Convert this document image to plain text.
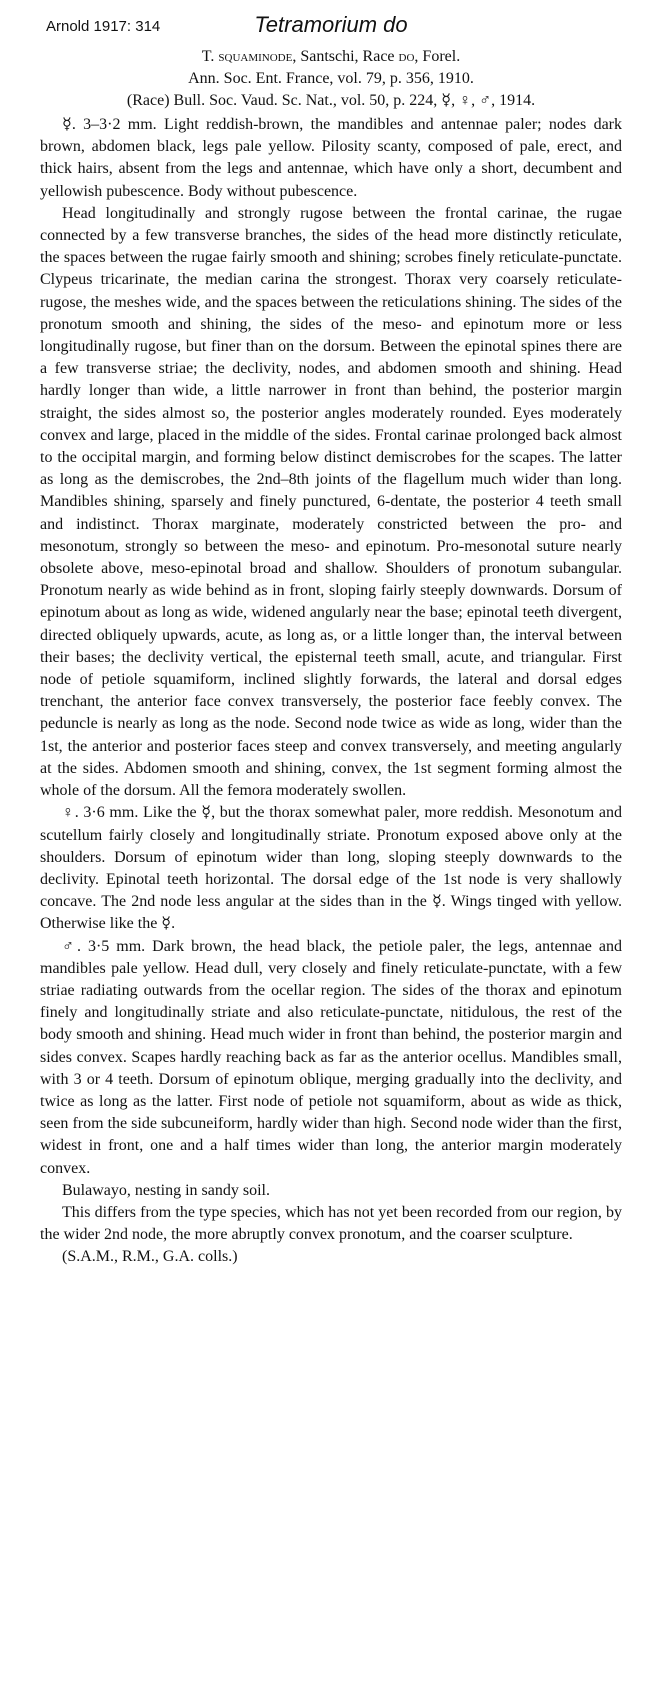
Arnold 1917: 314	Tetramorium do
T. squaminode, Santschi, Race do, Forel.
Ann. Soc. Ent. France, vol. 79, p. 356, 1910.
(Race) Bull. Soc. Vaud. Sc. Nat., vol. 50, p. 224, ☿, ♀, ♂, 1914.

☿. 3–3·2 mm. Light reddish-brown, the mandibles and antennae paler; nodes dark brown, abdomen black, legs pale yellow. Pilosity scanty, composed of pale, erect, and thick hairs, absent from the legs and antennae, which have only a short, decumbent and yellowish pubescence. Body without pubescence.

Head longitudinally and strongly rugose between the frontal carinae, the rugae connected by a few transverse branches, the sides of the head more distinctly reticulate, the spaces between the rugae fairly smooth and shining; scrobes finely reticulate-punctate. Clypeus tricarinate, the median carina the strongest. Thorax very coarsely reticulate-rugose, the meshes wide, and the spaces between the reticulations shining. The sides of the pronotum smooth and shining, the sides of the meso- and epinotum more or less longitudinally rugose, but finer than on the dorsum. Between the epinotal spines there are a few transverse striae; the declivity, nodes, and abdomen smooth and shining. Head hardly longer than wide, a little narrower in front than behind, the posterior margin straight, the sides almost so, the posterior angles moderately rounded. Eyes moderately convex and large, placed in the middle of the sides. Frontal carinae prolonged back almost to the occipital margin, and forming below distinct demiscrobes for the scapes. The latter as long as the demiscrobes, the 2nd–8th joints of the flagellum much wider than long. Mandibles shining, sparsely and finely punctured, 6-dentate, the posterior 4 teeth small and indistinct. Thorax marginate, moderately constricted between the pro- and mesonotum, strongly so between the meso- and epinotum. Pro-mesonotal suture nearly obsolete above, meso-epinotal broad and shallow. Shoulders of pronotum subangular. Pronotum nearly as wide behind as in front, sloping fairly steeply downwards. Dorsum of epinotum about as long as wide, widened angularly near the base; epinotal teeth divergent, directed obliquely upwards, acute, as long as, or a little longer than, the interval between their bases; the declivity vertical, the episternal teeth small, acute, and triangular. First node of petiole squamiform, inclined slightly forwards, the lateral and dorsal edges trenchant, the anterior face convex transversely, the posterior face feebly convex. The peduncle is nearly as long as the node. Second node twice as wide as long, wider than the 1st, the anterior and posterior faces steep and convex transversely, and meeting angularly at the sides. Abdomen smooth and shining, convex, the 1st segment forming almost the whole of the dorsum. All the femora moderately swollen.

♀. 3·6 mm. Like the ☿, but the thorax somewhat paler, more reddish. Mesonotum and scutellum fairly closely and longitudinally striate. Pronotum exposed above only at the shoulders. Dorsum of epinotum wider than long, sloping steeply downwards to the declivity. Epinotal teeth horizontal. The dorsal edge of the 1st node is very shallowly concave. The 2nd node less angular at the sides than in the ☿. Wings tinged with yellow. Otherwise like the ☿.

♂. 3·5 mm. Dark brown, the head black, the petiole paler, the legs, antennae and mandibles pale yellow. Head dull, very closely and finely reticulate-punctate, with a few striae radiating outwards from the ocellar region. The sides of the thorax and epinotum finely and longitudinally striate and also reticulate-punctate, nitidulous, the rest of the body smooth and shining. Head much wider in front than behind, the posterior margin and sides convex. Scapes hardly reaching back as far as the anterior ocellus. Mandibles small, with 3 or 4 teeth. Dorsum of epinotum oblique, merging gradually into the declivity, and twice as long as the latter. First node of petiole not squamiform, about as wide as thick, seen from the side subcuneiform, hardly wider than high. Second node wider than the first, widest in front, one and a half times wider than long, the anterior margin moderately convex.

Bulawayo, nesting in sandy soil.

This differs from the type species, which has not yet been recorded from our region, by the wider 2nd node, the more abruptly convex pronotum, and the coarser sculpture.

(S.A.M., R.M., G.A. colls.)
